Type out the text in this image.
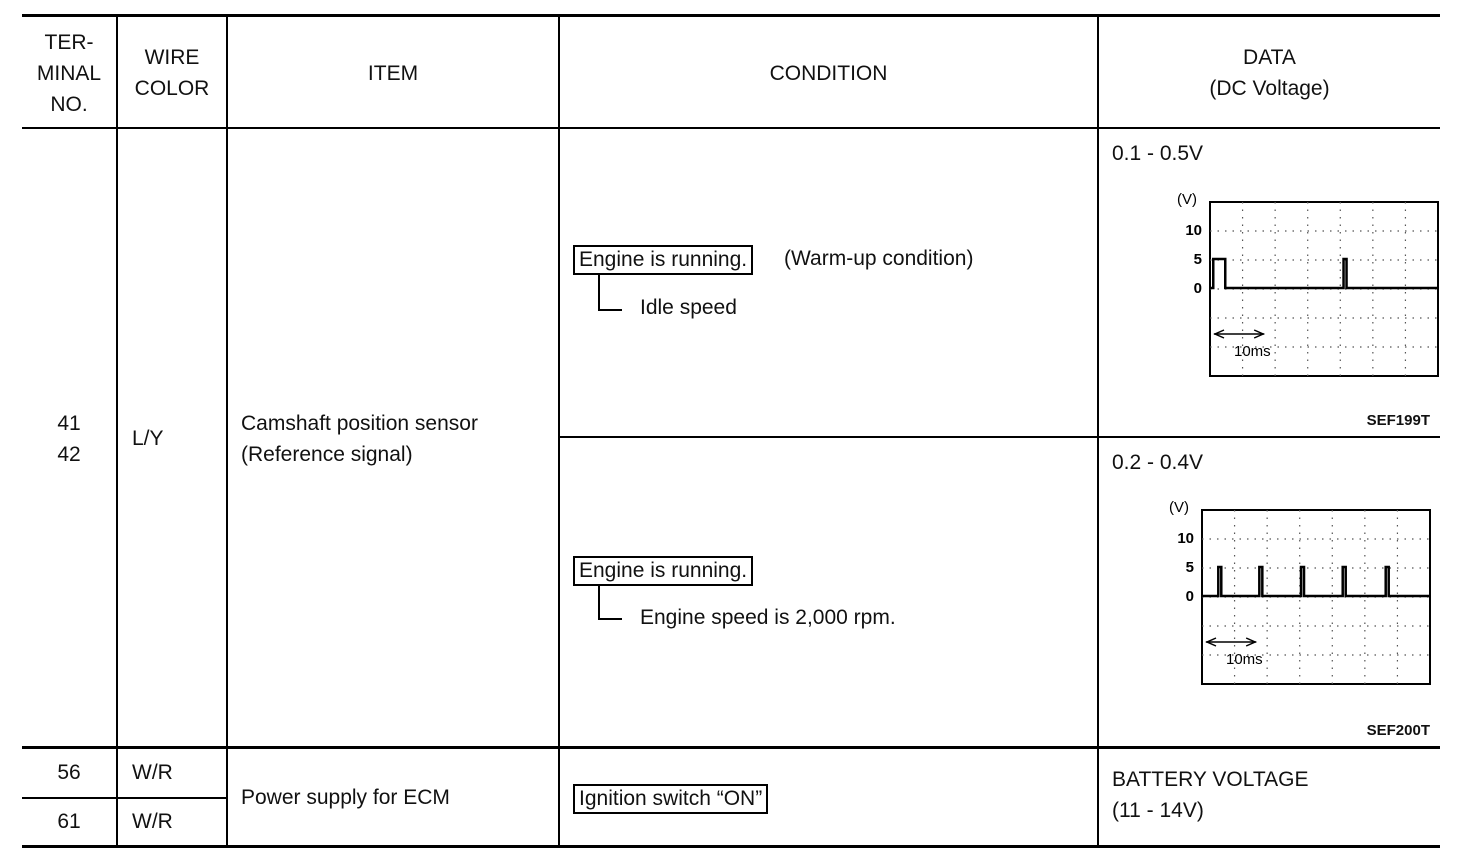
TER-
MINAL
NO.
WIRE
COLOR
ITEM	CONDITION
DATA
(DC Voltage)
41
42
L/Y
Camshaft position sensor
(Reference signal)
Engine is running. (Warm-up condition)
Idle speed
0.1 - 0.5V
(V)
10
5
0
10ms
SEF199T
Engine is running.
Engine speed is 2,000 rpm.
0.2 - 0.4V
(V)
10
5
0
10ms
SEF200T
56
61
W/R
W/R
Power supply for ECM	Ignition switch “ON”
BATTERY VOLTAGE
(11 - 14V)
